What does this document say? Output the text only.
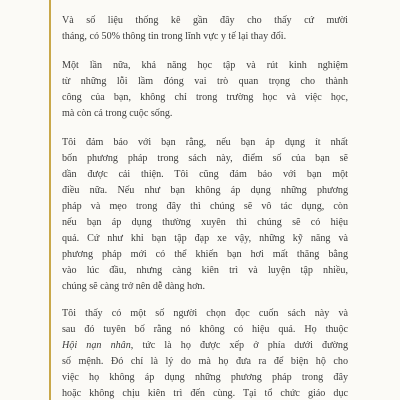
Và số liệu thống kê gần đây cho thấy cứ mười
tháng, có 50% thông tin trong lĩnh vực y tế lại thay đổi.
Một lần nữa, khả năng học tập và rút kinh nghiệm
từ những lỗi lầm đóng vai trò quan trọng cho thành
công của bạn, không chỉ trong trường học và việc học,
mà còn cả trong cuộc sống.
Tôi đảm bảo với bạn rằng, nếu bạn áp dụng ít nhất
bốn phương pháp trong sách này, điểm số của bạn sẽ
dần được cải thiện. Tôi cũng đảm bảo với bạn một
điều nữa. Nếu như bạn không áp dụng những phương
pháp và mẹo trong đây thì chúng sẽ vô tác dụng, còn
nếu bạn áp dụng thường xuyên thì chúng sẽ có hiệu
quả. Cứ như khi bạn tập đạp xe vậy, những kỹ năng và
phương pháp mới có thể khiến bạn hơi mất thăng bằng
vào lúc đầu, nhưng càng kiên trì và luyện tập nhiều,
chúng sẽ càng trở nên dễ dàng hơn.
Tôi thấy có một số người chọn đọc cuốn sách này và
sau đó tuyên bố rằng nó không có hiệu quả. Họ thuộc
Hội nạn nhân, tức là họ được xếp ở phía dưới đường
số mệnh. Đó chỉ là lý do mà họ đưa ra để biện hộ cho
việc họ không áp dụng những phương pháp trong đây
hoặc không chịu kiên trì đến cùng. Tại tổ chức giáo dục
